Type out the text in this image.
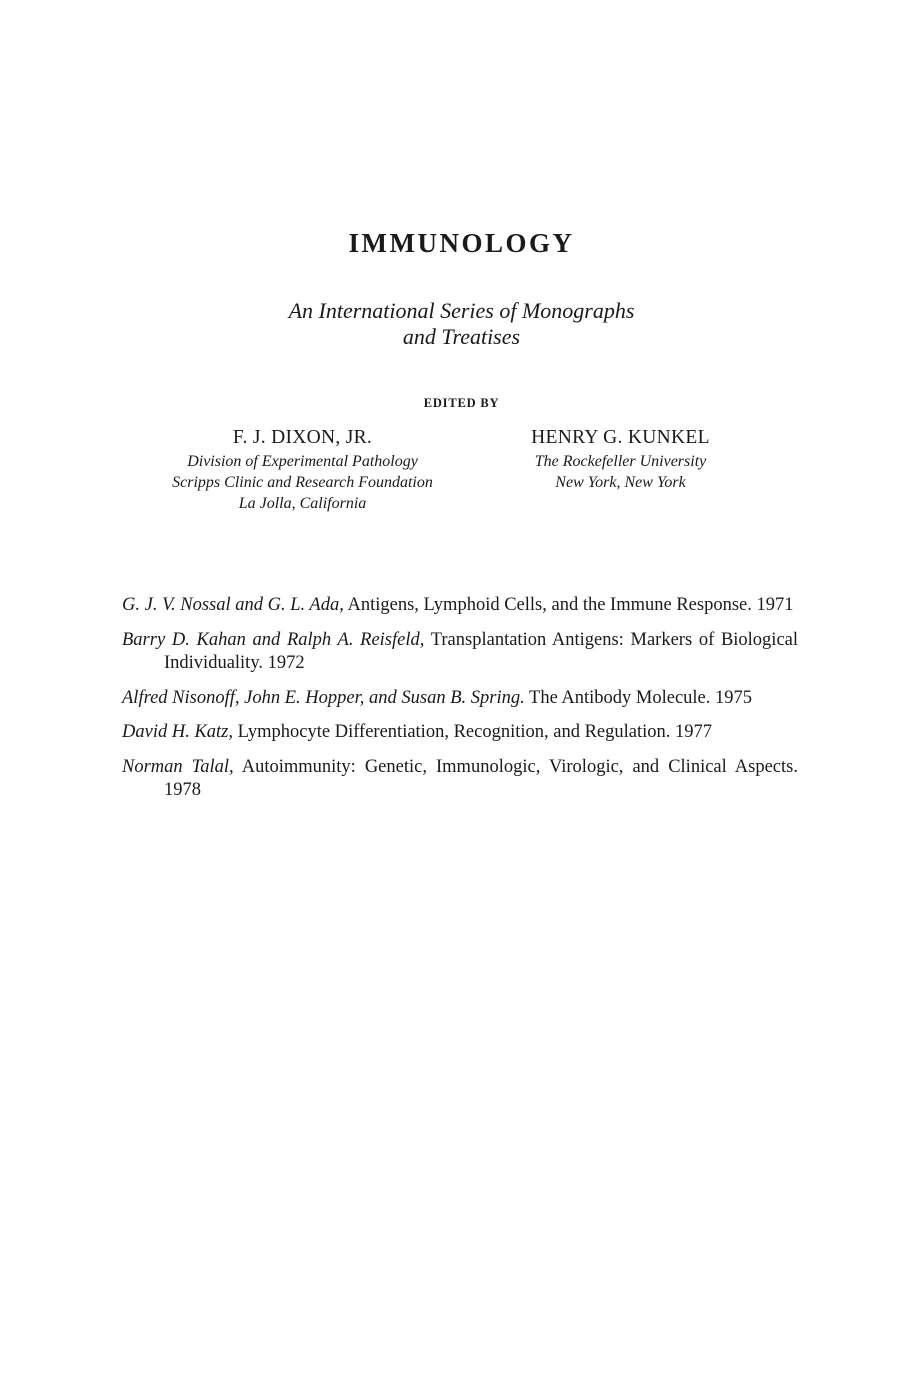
IMMUNOLOGY
An International Series of Monographs
and Treatises
EDITED BY
F. J. DIXON, JR.
Division of Experimental Pathology
Scripps Clinic and Research Foundation
La Jolla, California
HENRY G. KUNKEL
The Rockefeller University
New York, New York
G. J. V. Nossal and G. L. Ada, Antigens, Lymphoid Cells, and the Immune Response. 1971
Barry D. Kahan and Ralph A. Reisfeld, Transplantation Antigens: Markers of Biological Individuality. 1972
Alfred Nisonoff, John E. Hopper, and Susan B. Spring. The Antibody Molecule. 1975
David H. Katz, Lymphocyte Differentiation, Recognition, and Regulation. 1977
Norman Talal, Autoimmunity: Genetic, Immunologic, Virologic, and Clinical Aspects. 1978
